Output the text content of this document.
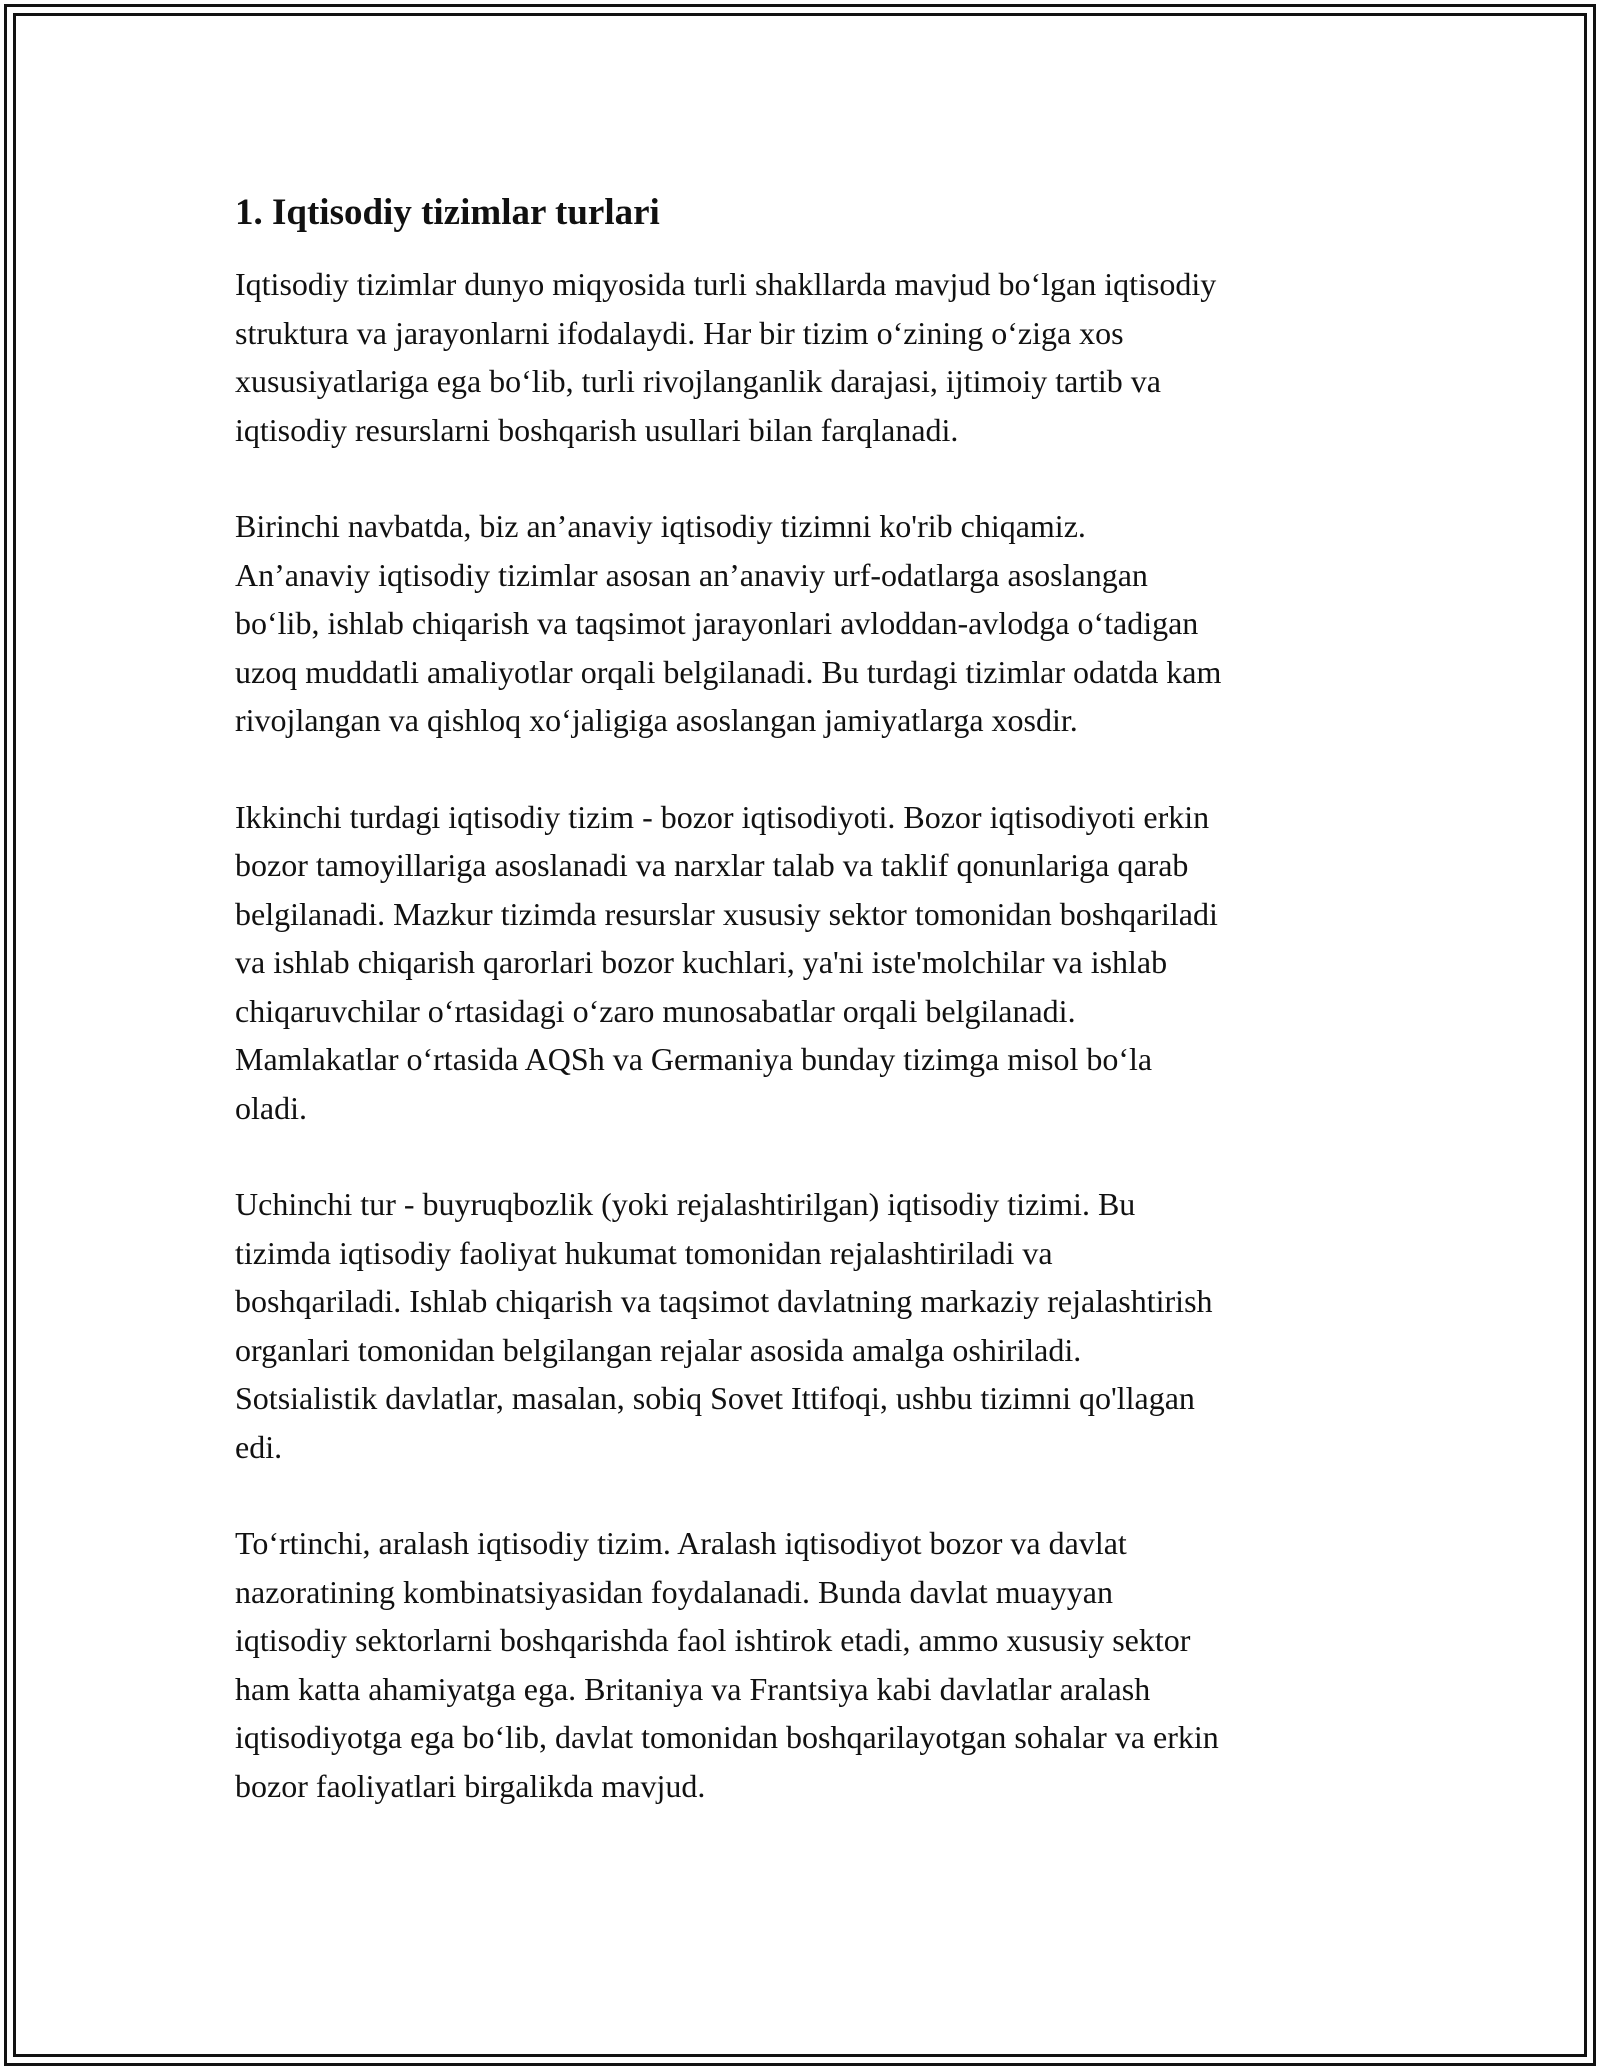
1. Iqtisodiy tizimlar turlari
Iqtisodiy tizimlar dunyo miqyosida turli shakllarda mavjud bo‘lgan iqtisodiy
struktura va jarayonlarni ifodalaydi. Har bir tizim o‘zining o‘ziga xos
xususiyatlariga ega bo‘lib, turli rivojlanganlik darajasi, ijtimoiy tartib va
iqtisodiy resurslarni boshqarish usullari bilan farqlanadi.
Birinchi navbatda, biz an’anaviy iqtisodiy tizimni ko'rib chiqamiz.
An’anaviy iqtisodiy tizimlar asosan an’anaviy urf-odatlarga asoslangan
bo‘lib, ishlab chiqarish va taqsimot jarayonlari avloddan-avlodga o‘tadigan
uzoq muddatli amaliyotlar orqali belgilanadi. Bu turdagi tizimlar odatda kam
rivojlangan va qishloq xo‘jaligiga asoslangan jamiyatlarga xosdir.
Ikkinchi turdagi iqtisodiy tizim - bozor iqtisodiyoti. Bozor iqtisodiyoti erkin
bozor tamoyillariga asoslanadi va narxlar talab va taklif qonunlariga qarab
belgilanadi. Mazkur tizimda resurslar xususiy sektor tomonidan boshqariladi
va ishlab chiqarish qarorlari bozor kuchlari, ya'ni iste'molchilar va ishlab
chiqaruvchilar o‘rtasidagi o‘zaro munosabatlar orqali belgilanadi.
Mamlakatlar o‘rtasida AQSh va Germaniya bunday tizimga misol bo‘la
oladi.
Uchinchi tur - buyruqbozlik (yoki rejalashtirilgan) iqtisodiy tizimi. Bu
tizimda iqtisodiy faoliyat hukumat tomonidan rejalashtiriladi va
boshqariladi. Ishlab chiqarish va taqsimot davlatning markaziy rejalashtirish
organlari tomonidan belgilangan rejalar asosida amalga oshiriladi.
Sotsialistik davlatlar, masalan, sobiq Sovet Ittifoqi, ushbu tizimni qo'llagan
edi.
To‘rtinchi, aralash iqtisodiy tizim. Aralash iqtisodiyot bozor va davlat
nazoratining kombinatsiyasidan foydalanadi. Bunda davlat muayyan
iqtisodiy sektorlarni boshqarishda faol ishtirok etadi, ammo xususiy sektor
ham katta ahamiyatga ega. Britaniya va Frantsiya kabi davlatlar aralash
iqtisodiyotga ega bo‘lib, davlat tomonidan boshqarilayotgan sohalar va erkin
bozor faoliyatlari birgalikda mavjud.
